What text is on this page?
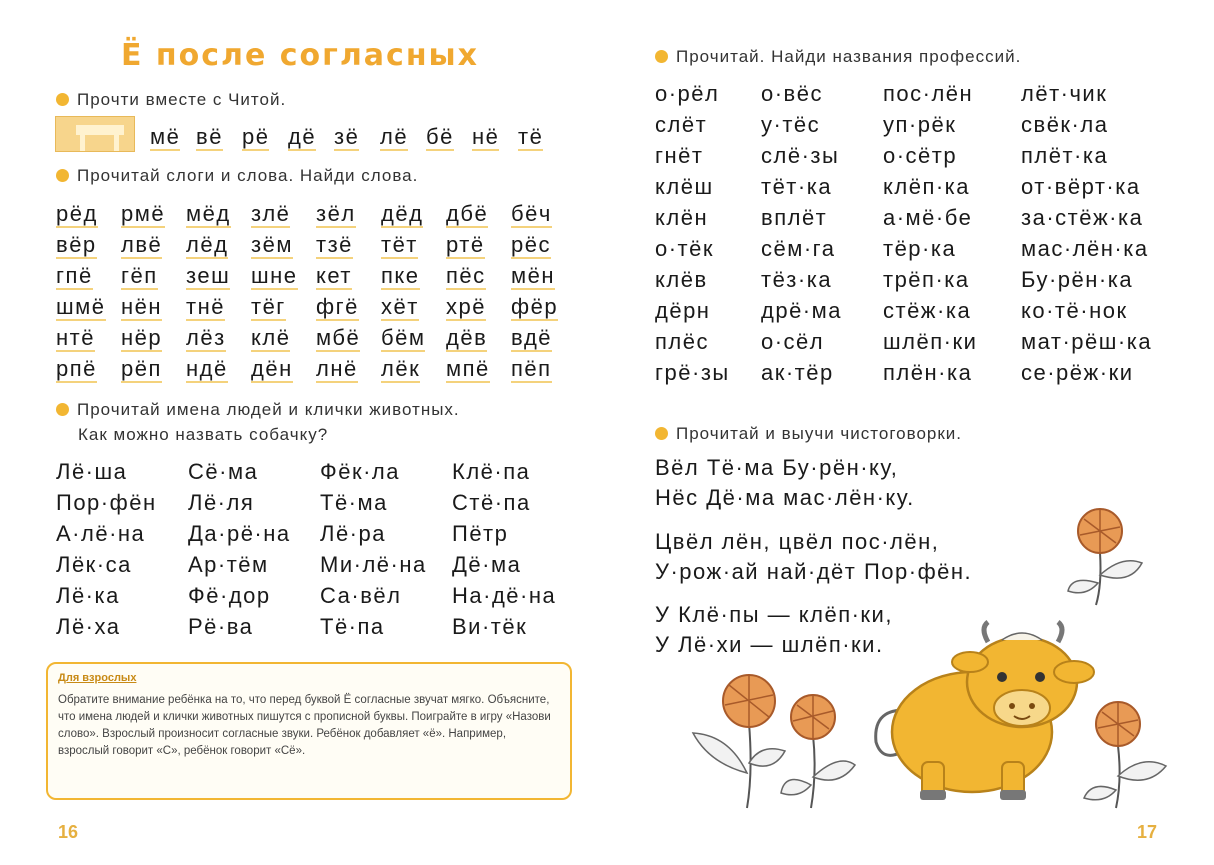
Ё после согласных
Прочти вместе с Читой.
мё вё рё дё зё лё бё нё тё
Прочитай слоги и слова. Найди слова.
рёд рмё мёд злё зёл дёд дбё бёч
вёр лвё лёд зём тзё тёт ртё рёс
гпё гёп зеш шне кет пке пёс мён
шмё нён тнё тёг фгё хёт хрё фёр
нтё нёр лёз клё мбё бём дёв вдё
рпё рёп ндё дён лнё лёк мпё пёп
Прочитай имена людей и клички животных.
Как можно назвать собачку?
Лё·ша	Сё·ма	Фёк·ла Клё·па
Пор·фён Лё·ля	Тё·ма	Стё·па
А·лё·на Да·рё·на Лё·ра	Пётр
Лёк·са	Ар·тём Ми·лё·на Дё·ма
Лё·ка	Фё·дор Са·вёл На·дё·на
Лё·ха	Рё·ва	Тё·па	Ви·тёк
Для взрослых
Обратите внимание ребёнка на то, что перед буквой Ё согласные звучат мягко. Объясните, что имена людей и клички животных пишутся с прописной буквы. Поиграйте в игру «Назови слово». Взрослый произносит согласные звуки. Ребёнок добавляет «ё». Например, взрослый говорит «С», ребёнок говорит «Сё».
16
Прочитай. Найди названия профессий.
о·рёл о·вёс	пос·лён лёт·чик
слёт у·тёс	уп·рёк	свёк·ла
гнёт	слё·зы о·сётр	плёт·ка
клёш тёт·ка клёп·ка от·вёрт·ка
клён вплёт	а·мё·бе за·стёж·ка
о·тёк сём·га тёр·ка	мас·лён·ка
клёв тёз·ка трёп·ка Бу·рён·ка
дёрн дрё·ма стёж·ка ко·тё·нок
плёс о·сёл	шлёп·ки мат·рёш·ка
грё·зы ак·тёр плён·ка се·рёж·ки
Прочитай и выучи чистоговорки.
Вёл Тё·ма Бу·рён·ку,
Нёс Дё·ма мас·лён·ку.
Цвёл лён, цвёл пос·лён,
У·рож·ай най·дёт Пор·фён.
У Клё·пы — клёп·ки,
У Лё·хи — шлёп·ки.
17
